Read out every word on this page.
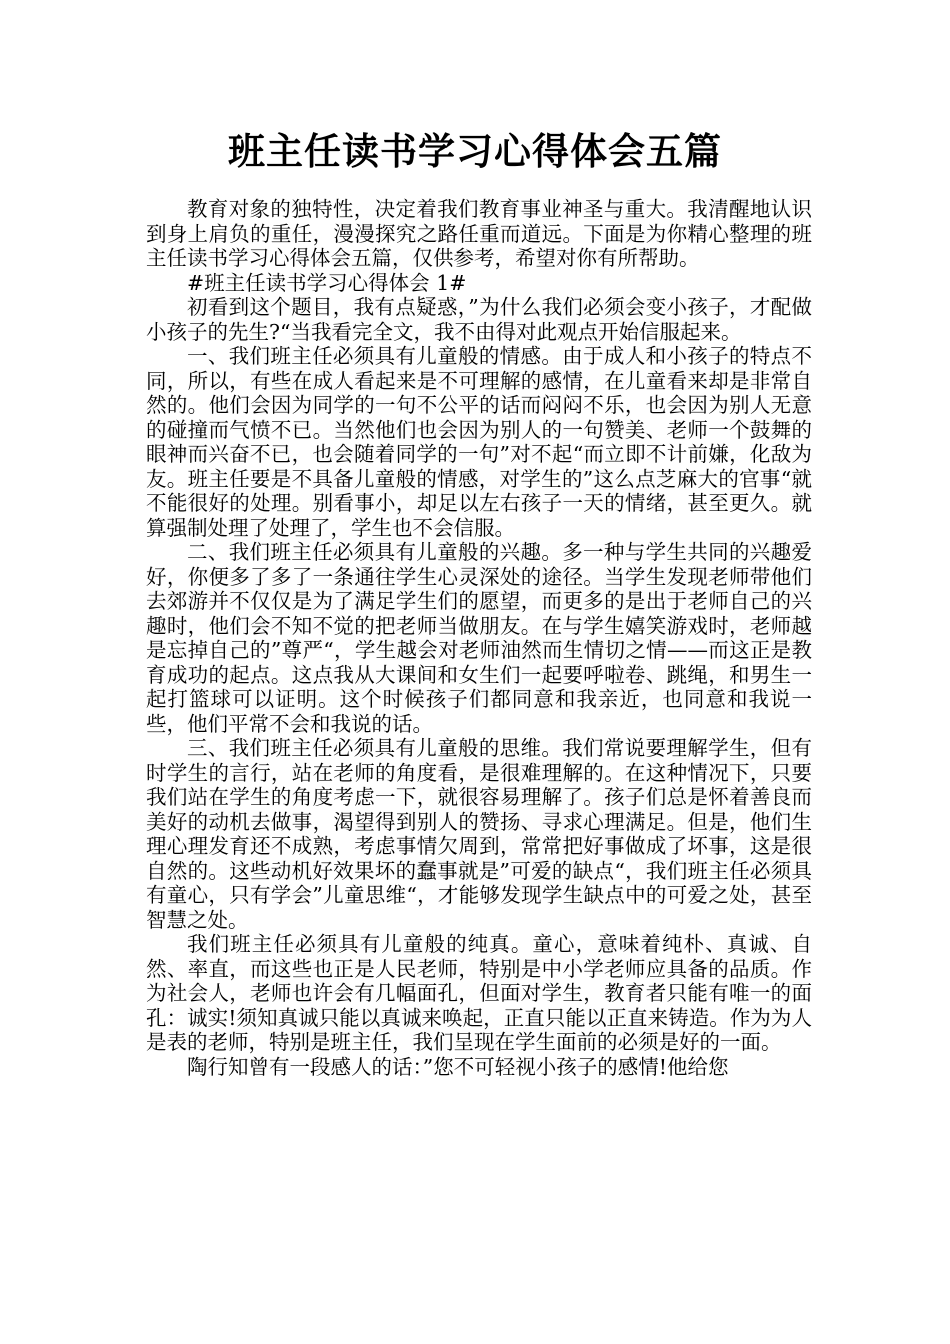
班主任读书学习心得体会五篇

教育对象的独特性，决定着我们教育事业神圣与重大。我清醒地认识到身上肩负的重任，漫漫探究之路任重而道远。下面是为你精心整理的班主任读书学习心得体会五篇，仅供参考，希望对你有所帮助。

#班主任读书学习心得体会 1#

初看到这个题目，我有点疑惑，”为什么我们必须会变小孩子，才配做小孩子的先生?“当我看完全文，我不由得对此观点开始信服起来。

一、我们班主任必须具有儿童般的情感。由于成人和小孩子的特点不同，所以，有些在成人看起来是不可理解的感情，在儿童看来却是非常自然的。他们会因为同学的一句不公平的话而闷闷不乐，也会因为别人无意的碰撞而气愤不已。当然他们也会因为别人的一句赞美、老师一个鼓舞的眼神而兴奋不已，也会随着同学的一句”对不起“而立即不计前嫌，化敌为友。班主任要是不具备儿童般的情感，对学生的”这么点芝麻大的官事“就不能很好的处理。别看事小，却足以左右孩子一天的情绪，甚至更久。就算强制处理了处理了，学生也不会信服。

二、我们班主任必须具有儿童般的兴趣。多一种与学生共同的兴趣爱好，你便多了多了一条通往学生心灵深处的途径。当学生发现老师带他们去郊游并不仅仅是为了满足学生们的愿望，而更多的是出于老师自己的兴趣时，他们会不知不觉的把老师当做朋友。在与学生嬉笑游戏时，老师越是忘掉自己的”尊严“，学生越会对老师油然而生情切之情——而这正是教育成功的起点。这点我从大课间和女生们一起要呼啦卷、跳绳，和男生一起打篮球可以证明。这个时候孩子们都同意和我亲近，也同意和我说一些，他们平常不会和我说的话。

三、我们班主任必须具有儿童般的思维。我们常说要理解学生，但有时学生的言行，站在老师的角度看，是很难理解的。在这种情况下，只要我们站在学生的角度考虑一下，就很容易理解了。孩子们总是怀着善良而美好的动机去做事，渴望得到别人的赞扬、寻求心理满足。但是，他们生理心理发育还不成熟，考虑事情欠周到，常常把好事做成了坏事，这是很自然的。这些动机好效果坏的蠢事就是”可爱的缺点“，我们班主任必须具有童心，只有学会”儿童思维“，才能够发现学生缺点中的可爱之处，甚至智慧之处。

我们班主任必须具有儿童般的纯真。童心，意味着纯朴、真诚、自然、率直，而这些也正是人民老师，特别是中小学老师应具备的品质。作为社会人，老师也许会有几幅面孔，但面对学生，教育者只能有唯一的面孔：诚实!须知真诚只能以真诚来唤起，正直只能以正直来铸造。作为为人是表的老师，特别是班主任，我们呈现在学生面前的必须是好的一面。

陶行知曾有一段感人的话：”您不可轻视小孩子的感情!他给您
